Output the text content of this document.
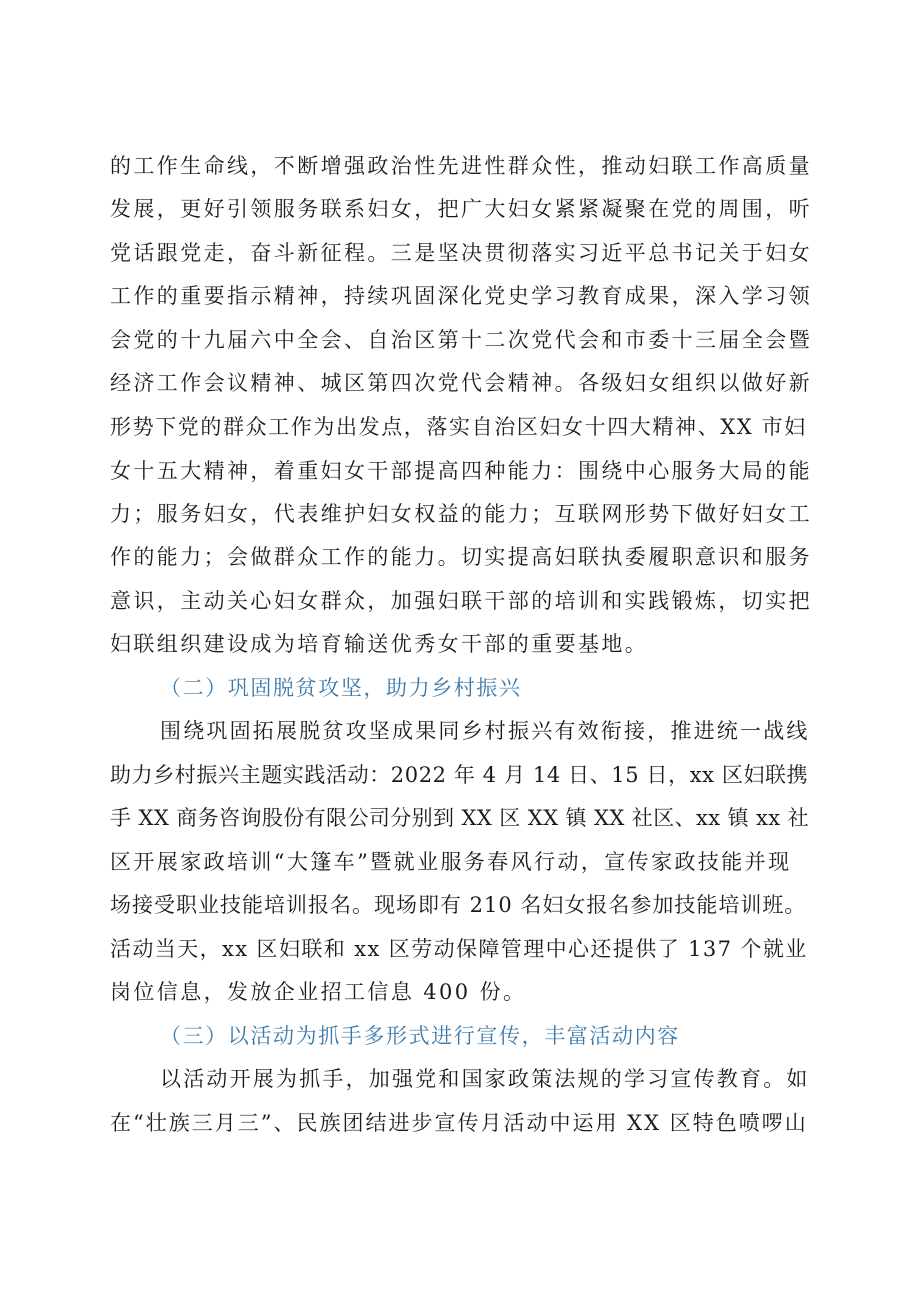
的工作生命线，不断增强政治性先进性群众性，推动妇联工作高质量
发展，更好引领服务联系妇女，把广大妇女紧紧凝聚在党的周围，听
党话跟党走，奋斗新征程。三是坚决贯彻落实习近平总书记关于妇女
工作的重要指示精神，持续巩固深化党史学习教育成果，深入学习领
会党的十九届六中全会、自治区第十二次党代会和市委十三届全会暨
经济工作会议精神、城区第四次党代会精神。各级妇女组织以做好新
形势下党的群众工作为出发点，落实自治区妇女十四大精神、XX 市妇
女十五大精神，着重妇女干部提高四种能力：围绕中心服务大局的能
力；服务妇女，代表维护妇女权益的能力；互联网形势下做好妇女工
作的能力；会做群众工作的能力。切实提高妇联执委履职意识和服务
意识，主动关心妇女群众，加强妇联干部的培训和实践锻炼，切实把
妇联组织建设成为培育输送优秀女干部的重要基地。
（二）巩固脱贫攻坚，助力乡村振兴
围绕巩固拓展脱贫攻坚成果同乡村振兴有效衔接，推进统一战线
助力乡村振兴主题实践活动：2022 年 4 月 14 日、15 日，xx 区妇联携
手 XX 商务咨询股份有限公司分别到 XX 区 XX 镇 XX 社区、xx 镇 xx 社
区开展家政培训“大篷车”暨就业服务春风行动，宣传家政技能并现
场接受职业技能培训报名。现场即有 210 名妇女报名参加技能培训班。
活动当天，xx 区妇联和 xx 区劳动保障管理中心还提供了 137 个就业
岗位信息，发放企业招工信息 400 份。
（三）以活动为抓手多形式进行宣传，丰富活动内容
以活动开展为抓手，加强党和国家政策法规的学习宣传教育。如
在“壮族三月三”、民族团结进步宣传月活动中运用 XX 区特色喷啰山
